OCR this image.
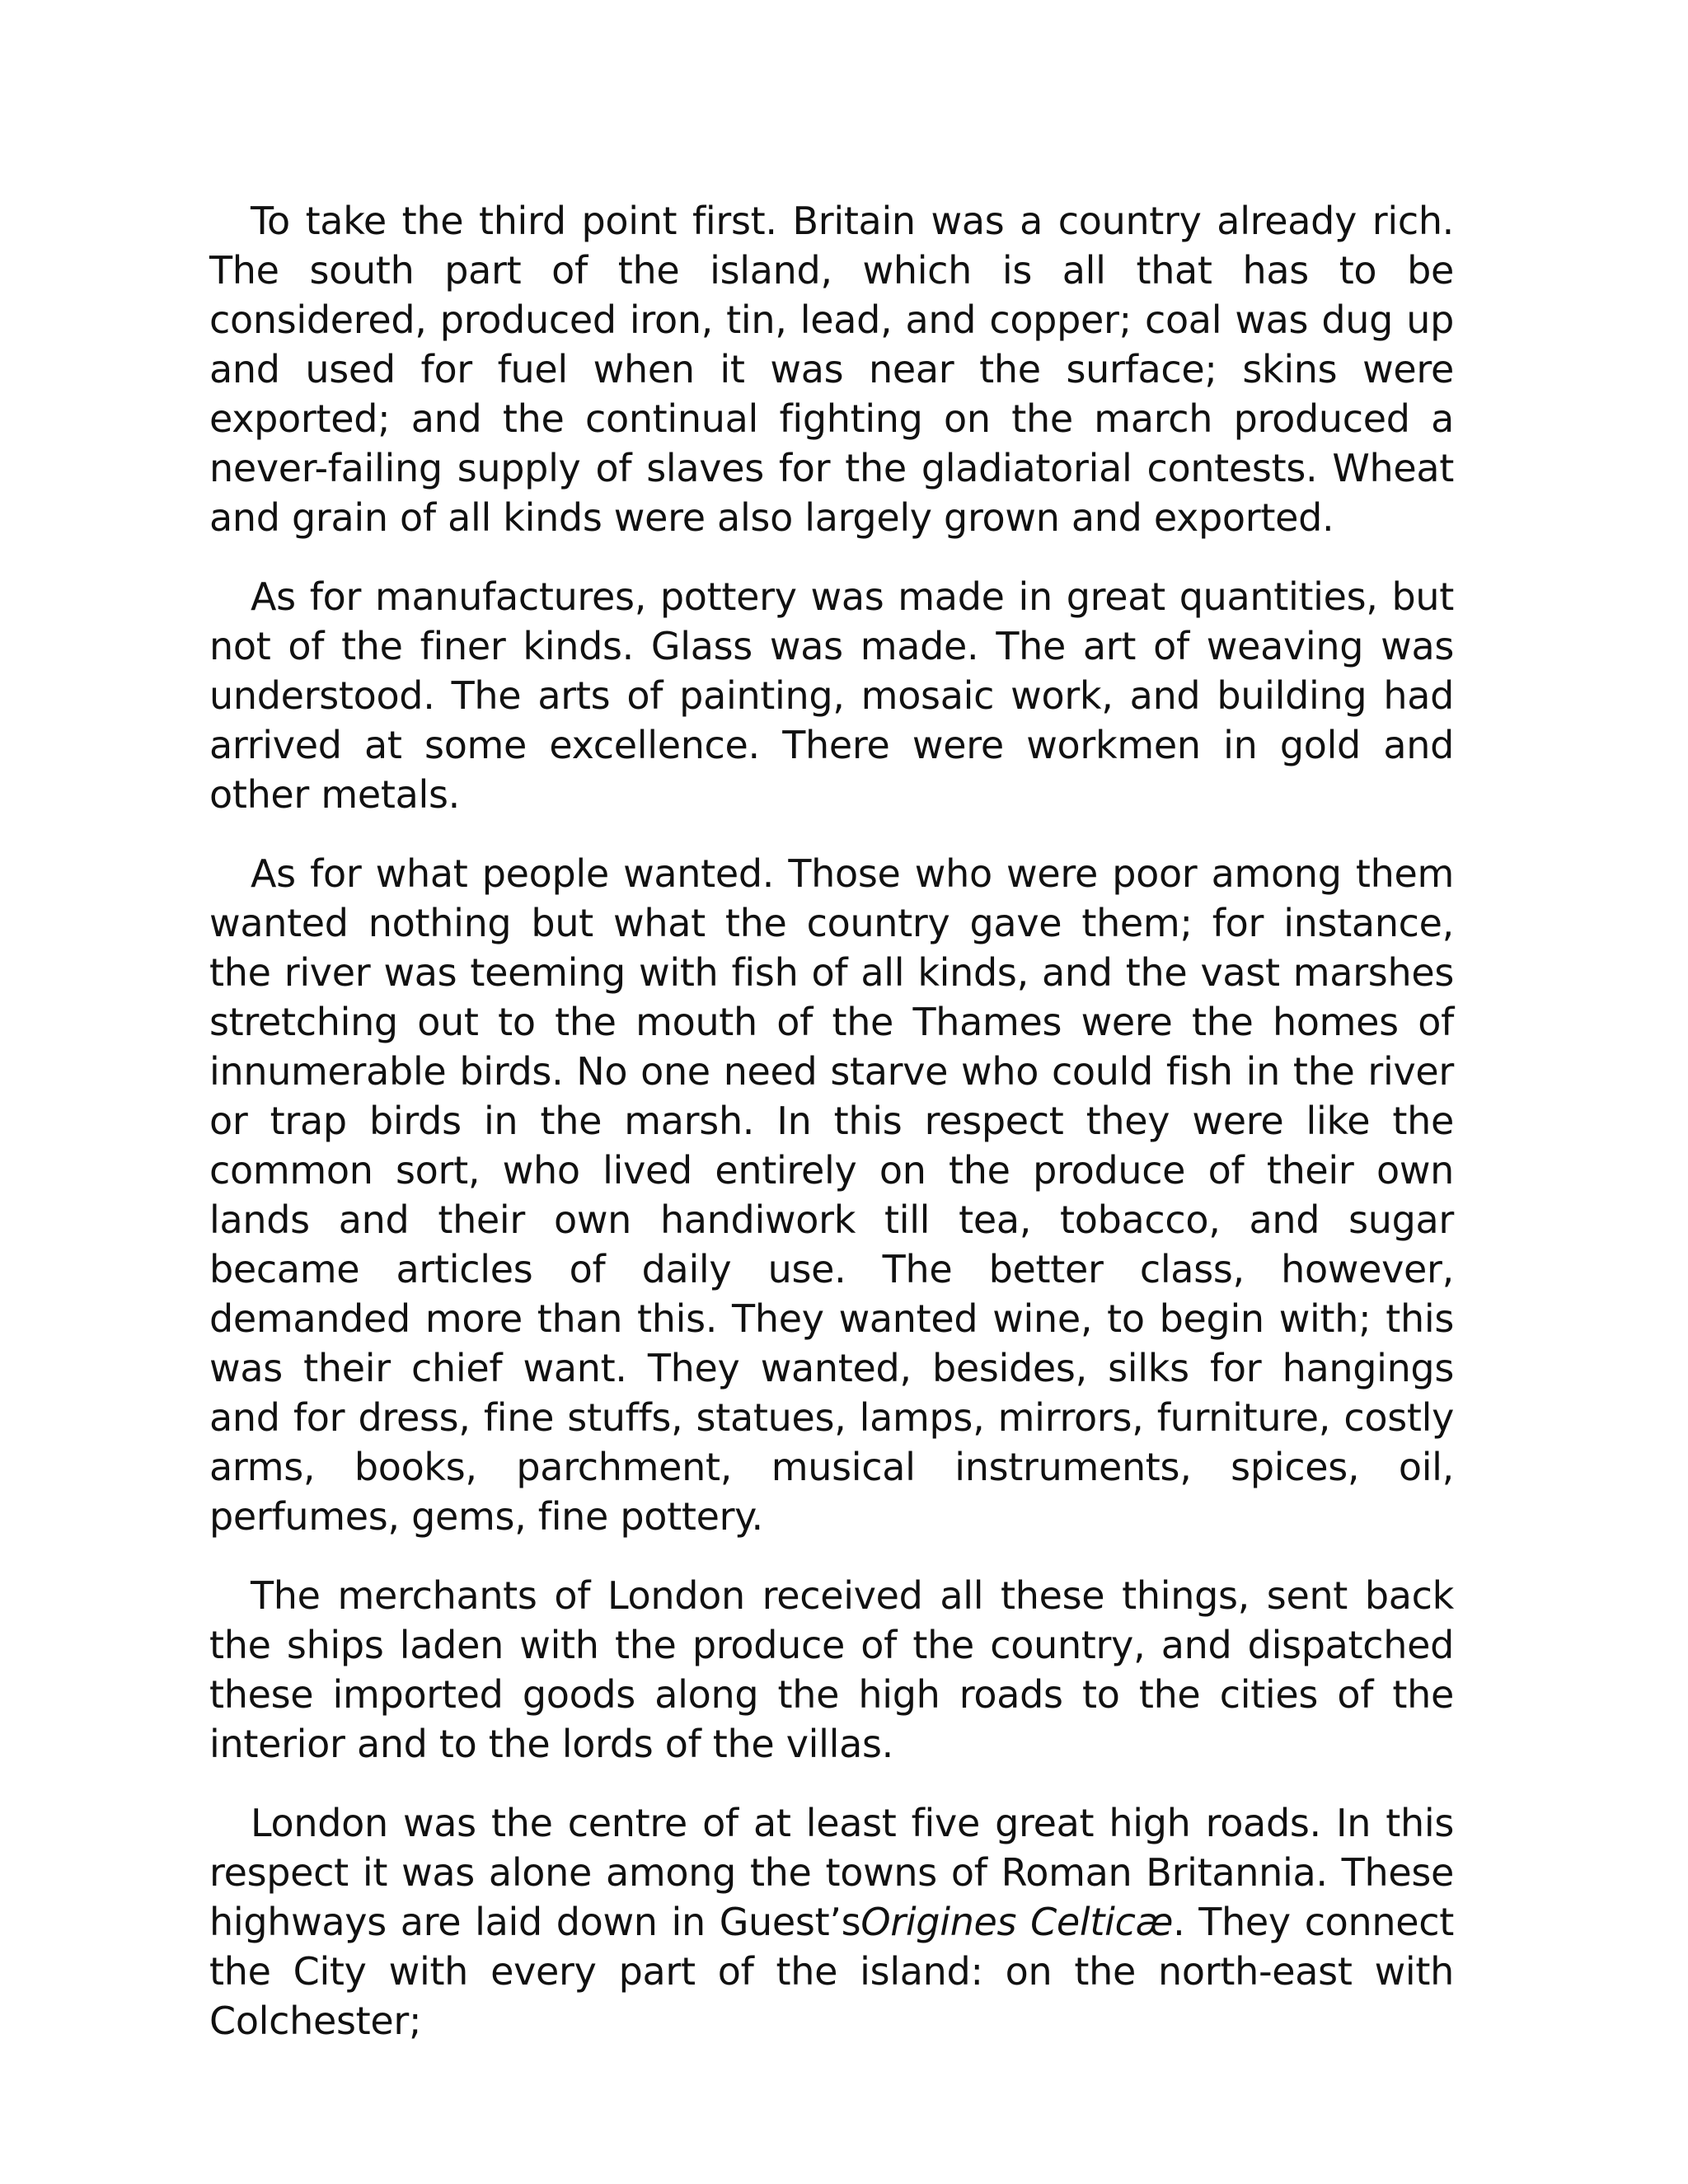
To take the third point first. Britain was a country already rich. The south part of the island, which is all that has to be considered, produced iron, tin, lead, and copper; coal was dug up and used for fuel when it was near the surface; skins were exported; and the continual fighting on the march produced a never-failing supply of slaves for the gladiatorial contests. Wheat and grain of all kinds were also largely grown and exported.

As for manufactures, pottery was made in great quantities, but not of the finer kinds. Glass was made. The art of weaving was understood. The arts of painting, mosaic work, and building had arrived at some excellence. There were workmen in gold and other metals.

As for what people wanted. Those who were poor among them wanted nothing but what the country gave them; for instance, the river was teeming with fish of all kinds, and the vast marshes stretching out to the mouth of the Thames were the homes of innumerable birds. No one need starve who could fish in the river or trap birds in the marsh. In this respect they were like the common sort, who lived entirely on the produce of their own lands and their own handiwork till tea, tobacco, and sugar became articles of daily use. The better class, however, demanded more than this. They wanted wine, to begin with; this was their chief want. They wanted, besides, silks for hangings and for dress, fine stuffs, statues, lamps, mirrors, furniture, costly arms, books, parchment, musical instruments, spices, oil, perfumes, gems, fine pottery.

The merchants of London received all these things, sent back the ships laden with the produce of the country, and dispatched these imported goods along the high roads to the cities of the interior and to the lords of the villas.

London was the centre of at least five great high roads. In this respect it was alone among the towns of Roman Britannia. These highways are laid down in Guest’sOrigines Celticæ. They connect the City with every part of the island: on the north-east with Colchester;
